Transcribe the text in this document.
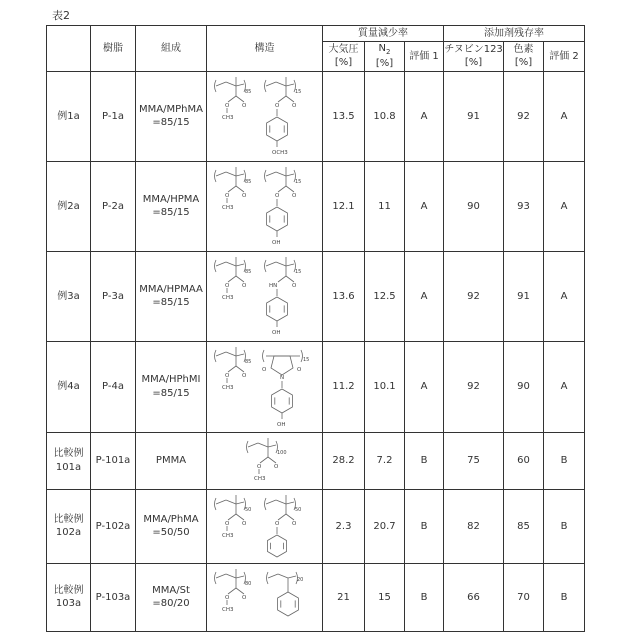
表2
	樹脂	組成	構造	質量減少率	添加剤残存率

大気圧
[%]

N2
[%]
	評価 1	
チヌビン123
[%]

色素
[%]
	評価 2

例1a	P-1a	
MMA/MPhMA
=85/15

85
O
O
CH3
15
O
O
OCH3
	13.5	10.8	A	91	92	A

例2a	P-2a	
MMA/HPMA
=85/15

85
O
O
CH3
15
O
O
OH
	12.1	11	A	90	93	A

例3a	P-3a	
MMA/HPMAA
=85/15

85
O
O
CH3
15
O
HN
OH
	13.6	12.5	A	92	91	A

例4a	P-4a	
MMA/HPhMI
=85/15

85
O
O
CH3
15
O	O
N
OH
	11.2	10.1	A	92	90	A

比較例
101a
	P-101a	PMMA

100
O
O
CH3
	28.2	7.2	B	75	60	B

比較例
102a
	P-102a	
MMA/PhMA
=50/50

50
O
O
CH3
50
O
O	2.3	20.7	B	82	85	B

比較例
103a
	P-103a	
MMA/St
=80/20

80
O
O
CH3
20
	21	15	B	66	70	B
